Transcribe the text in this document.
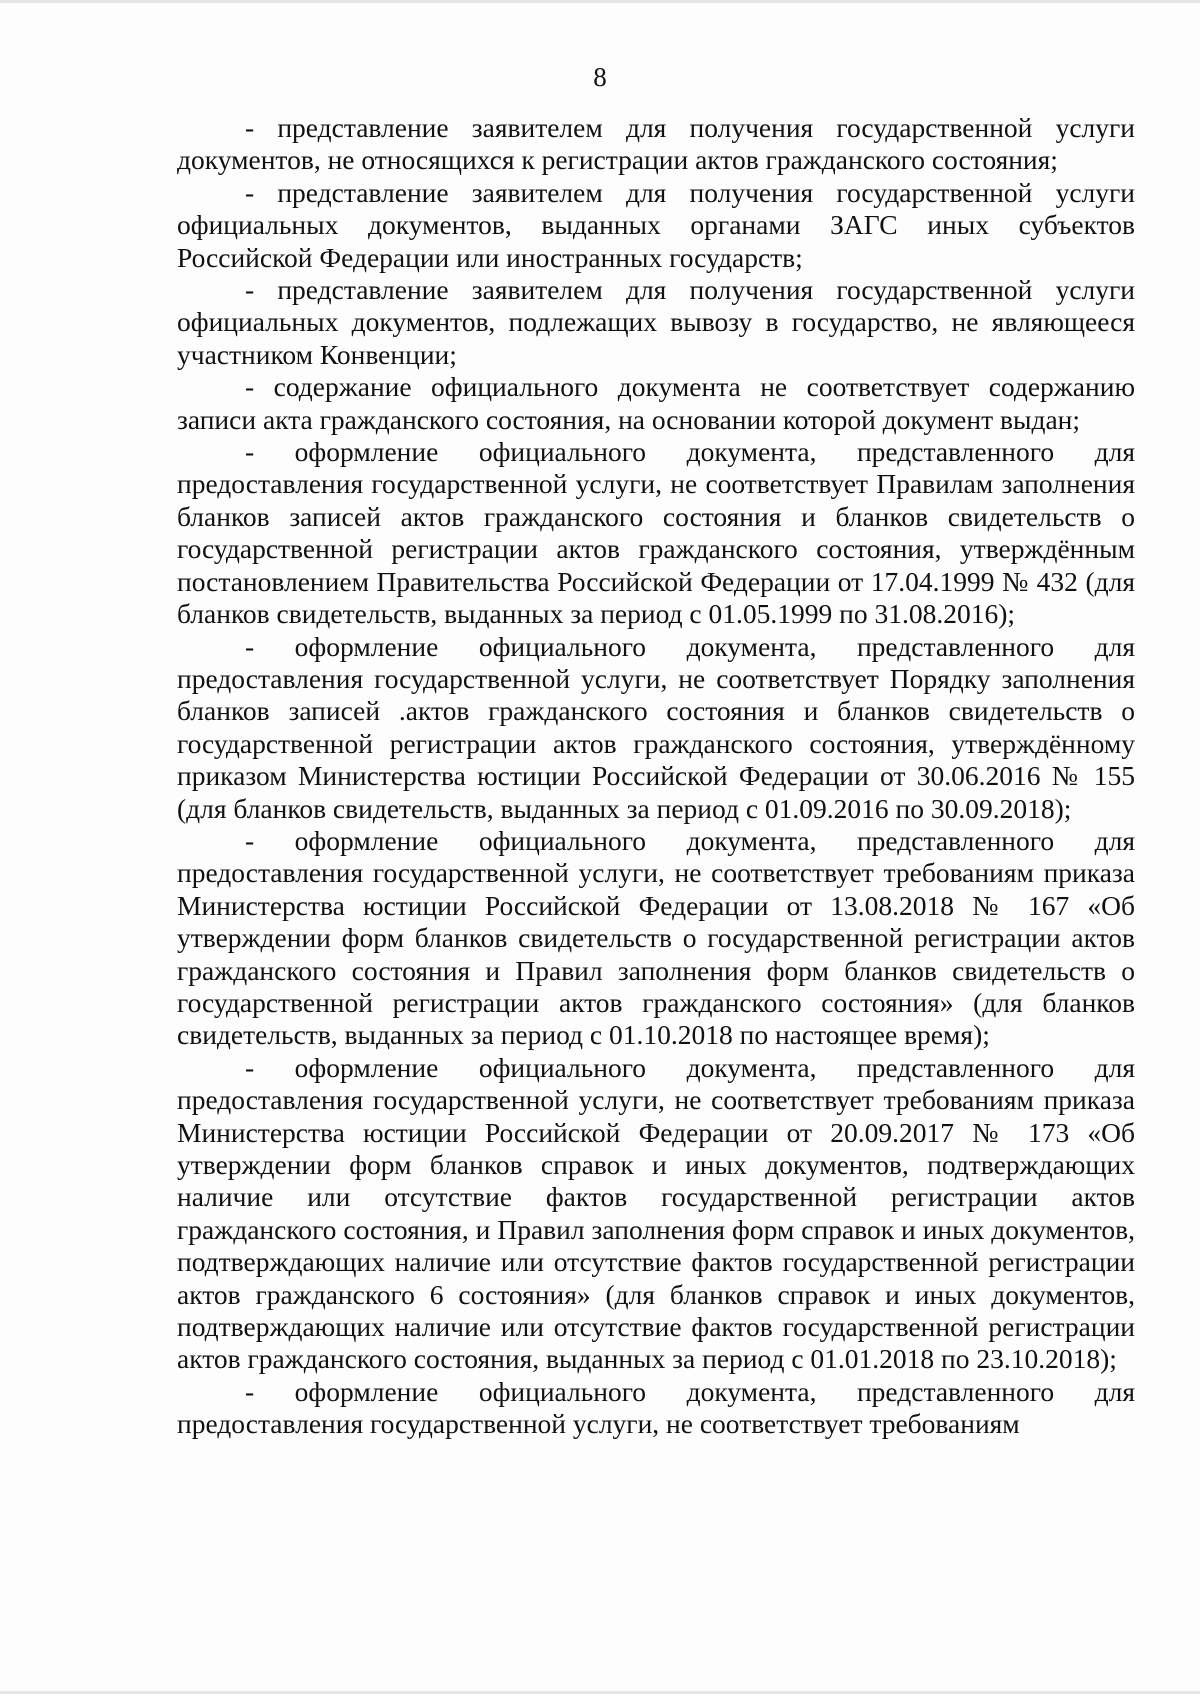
8

- представление заявителем для получения государственной услуги документов, не относящихся к регистрации актов гражданского состояния;

- представление заявителем для получения государственной услуги официальных документов, выданных органами ЗАГС иных субъектов Российской Федерации или иностранных государств;

- представление заявителем для получения государственной услуги официальных документов, подлежащих вывозу в государство, не являющееся участником Конвенции;

- содержание официального документа не соответствует содержанию записи акта гражданского состояния, на основании которой документ выдан;

- оформление официального документа, представленного для предоставления государственной услуги, не соответствует Правилам заполнения бланков записей актов гражданского состояния и бланков свидетельств о государственной регистрации актов гражданского состояния, утверждённым постановлением Правительства Российской Федерации от 17.04.1999 № 432 (для бланков свидетельств, выданных за период с 01.05.1999 по 31.08.2016);

- оформление официального документа, представленного для предоставления государственной услуги, не соответствует Порядку заполнения бланков записей .актов гражданского состояния и бланков свидетельств о государственной регистрации актов гражданского состояния, утверждённому приказом Министерства юстиции Российской Федерации от 30.06.2016 № 155 (для бланков свидетельств, выданных за период с 01.09.2016 по 30.09.2018);

- оформление официального документа, представленного для предоставления государственной услуги, не соответствует требованиям приказа Министерства юстиции Российской Федерации от 13.08.2018 № 167 «Об утверждении форм бланков свидетельств о государственной регистрации актов гражданского состояния и Правил заполнения форм бланков свидетельств о государственной регистрации актов гражданского состояния» (для бланков свидетельств, выданных за период с 01.10.2018 по настоящее время);

- оформление официального документа, представленного для предоставления государственной услуги, не соответствует требованиям приказа Министерства юстиции Российской Федерации от 20.09.2017 № 173 «Об утверждении форм бланков справок и иных документов, подтверждающих наличие или отсутствие фактов государственной регистрации актов гражданского состояния, и Правил заполнения форм справок и иных документов, подтверждающих наличие или отсутствие фактов государственной регистрации актов гражданского 6 состояния» (для бланков справок и иных документов, подтверждающих наличие или отсутствие фактов государственной регистрации актов гражданского состояния, выданных за период с 01.01.2018 по 23.10.2018);

- оформление официального документа, представленного для предоставления государственной услуги, не соответствует требованиям
